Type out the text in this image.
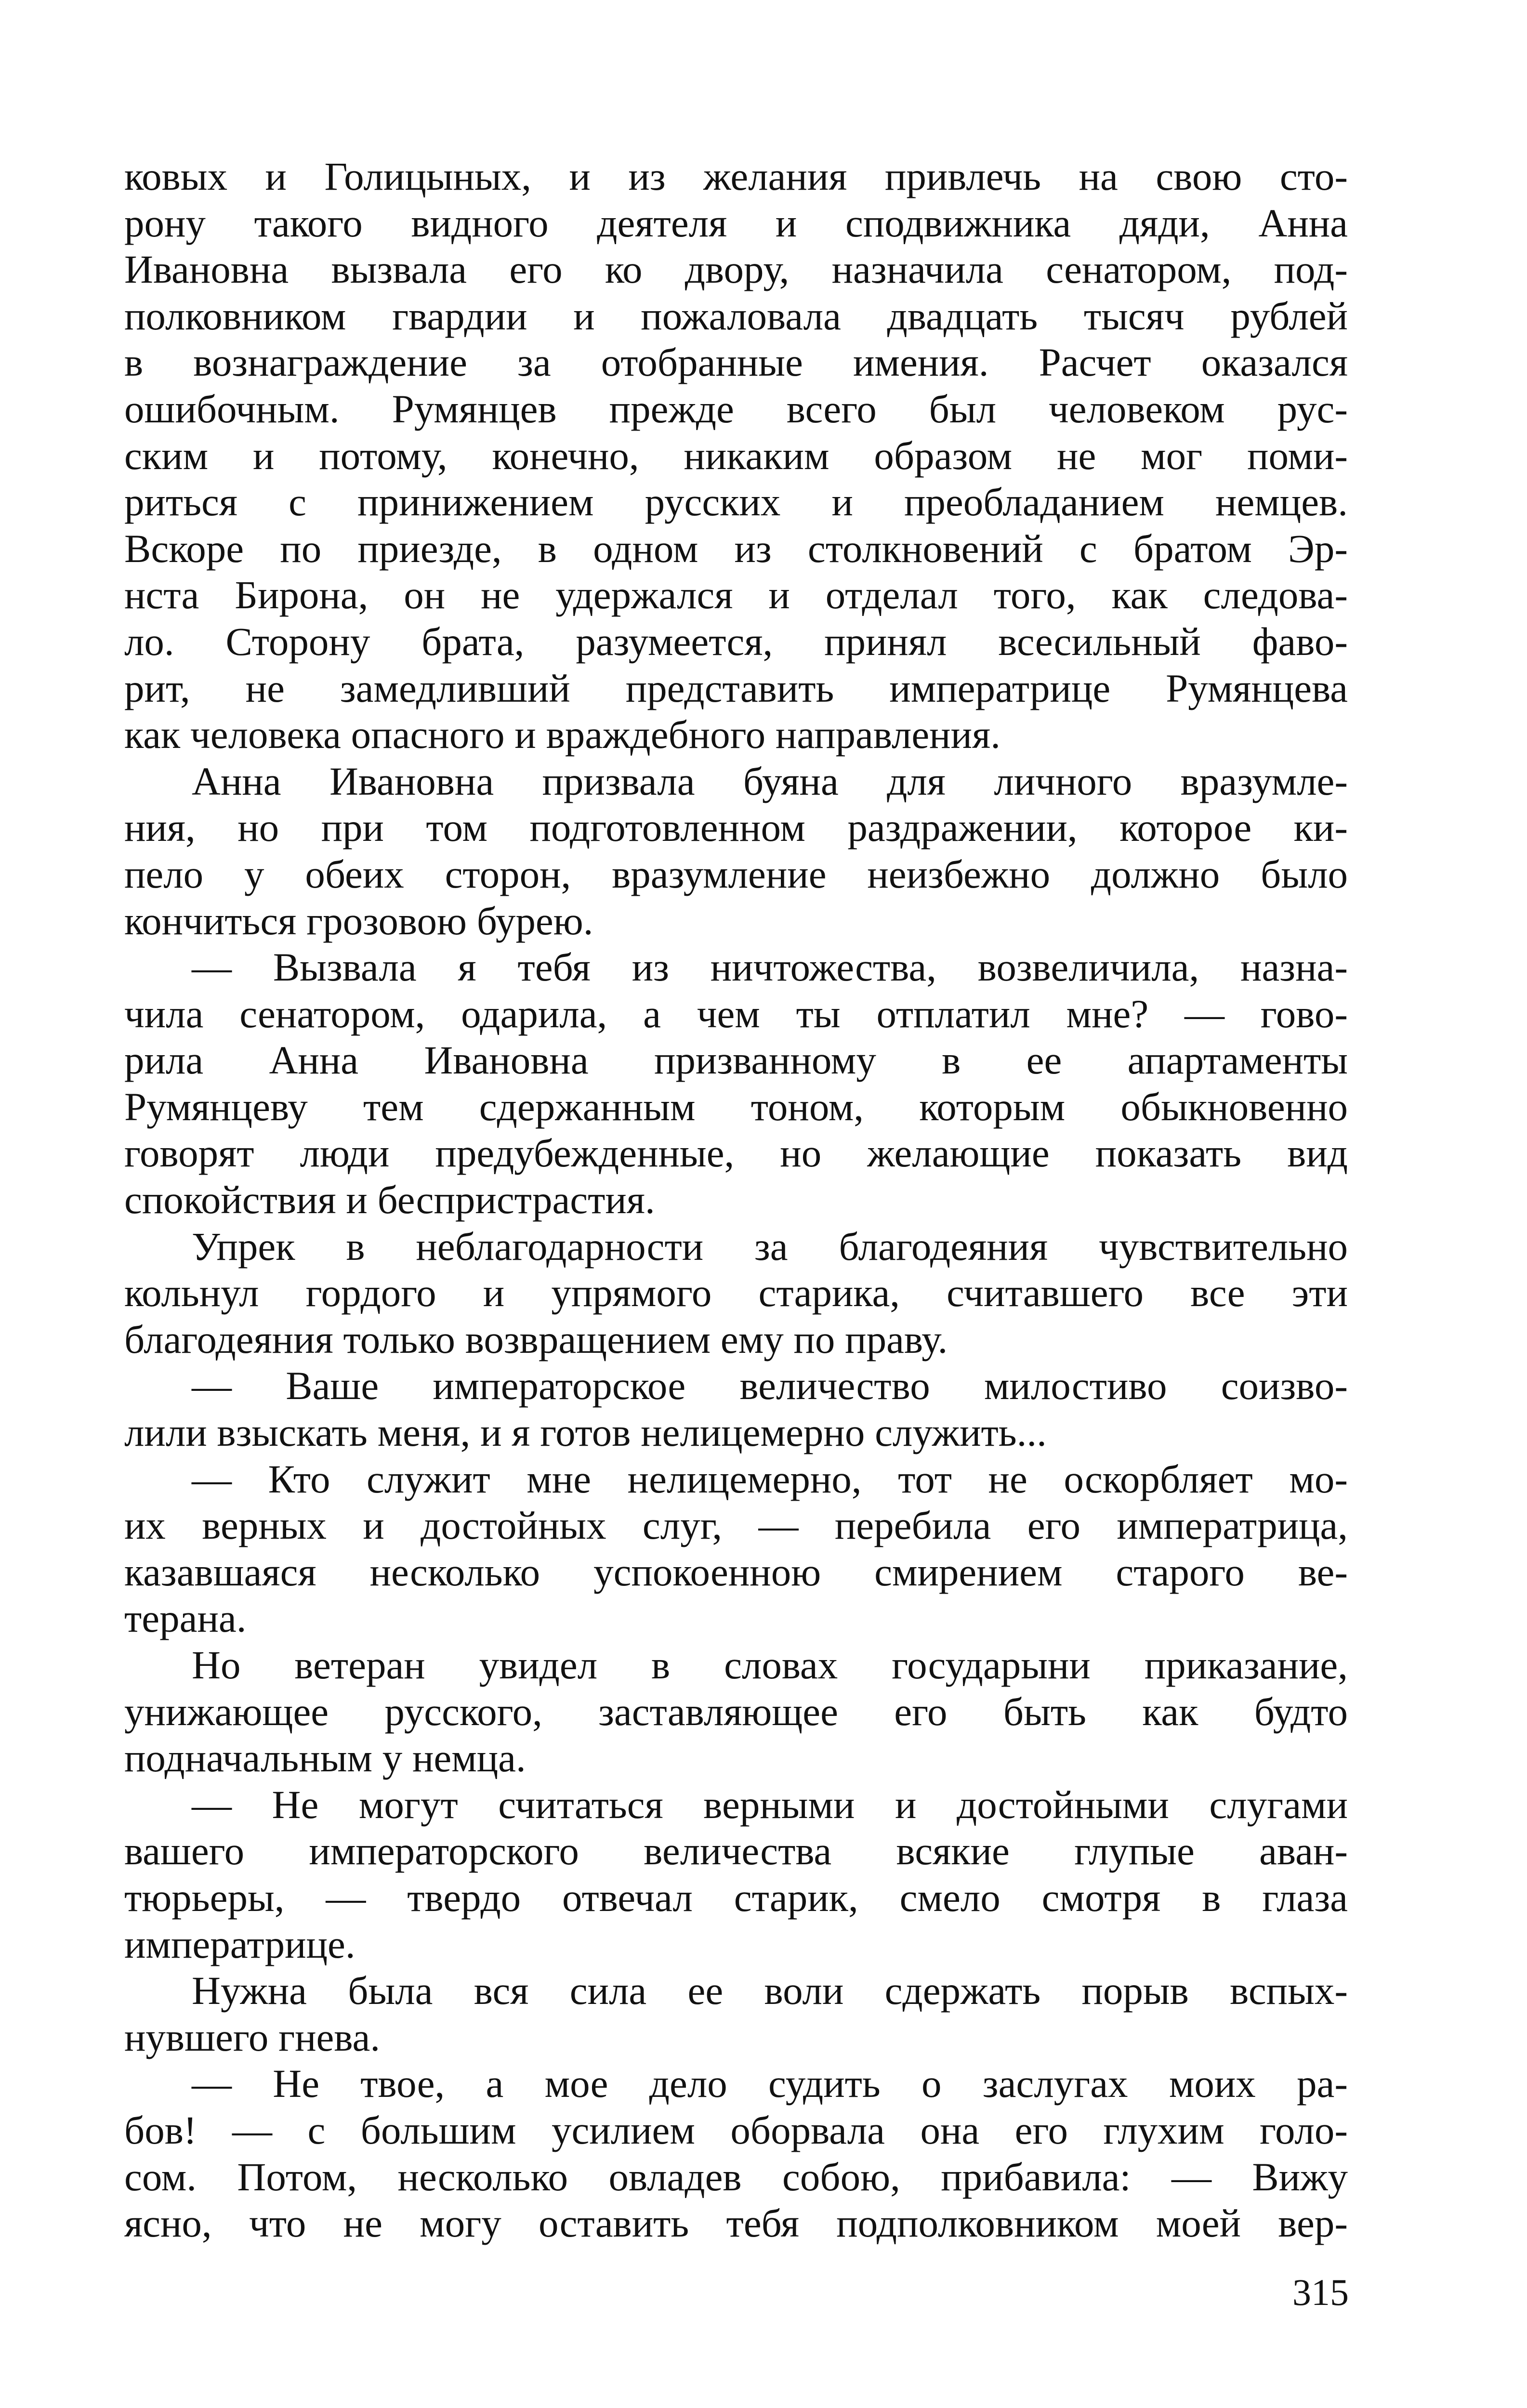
ковых и Голицыных, и из желания привлечь на свою сто-
рону такого видного деятеля и сподвижника дяди, Анна
Ивановна вызвала его ко двору, назначила сенатором, под-
полковником гвардии и пожаловала двадцать тысяч рублей
в вознаграждение за отобранные имения. Расчет оказался
ошибочным. Румянцев прежде всего был человеком рус-
ским и потому, конечно, никаким образом не мог поми-
риться с принижением русских и преобладанием немцев.
Вскоре по приезде, в одном из столкновений с братом Эр-
нста Бирона, он не удержался и отделал того, как следова-
ло. Сторону брата, разумеется, принял всесильный фаво-
рит, не замедливший представить императрице Румянцева
как человека опасного и враждебного направления.
Анна Ивановна призвала буяна для личного вразумле-
ния, но при том подготовленном раздражении, которое ки-
пело у обеих сторон, вразумление неизбежно должно было
кончиться грозовою бурею.
— Вызвала я тебя из ничтожества, возвеличила, назна-
чила сенатором, одарила, а чем ты отплатил мне? — гово-
рила Анна Ивановна призванному в ее апартаменты
Румянцеву тем сдержанным тоном, которым обыкновенно
говорят люди предубежденные, но желающие показать вид
спокойствия и беспристрастия.
Упрек в неблагодарности за благодеяния чувствительно
кольнул гордого и упрямого старика, считавшего все эти
благодеяния только возвращением ему по праву.
— Ваше императорское величество милостиво соизво-
лили взыскать меня, и я готов нелицемерно служить...
— Кто служит мне нелицемерно, тот не оскорбляет мо-
их верных и достойных слуг, — перебила его императрица,
казавшаяся несколько успокоенною смирением старого ве-
терана.
Но ветеран увидел в словах государыни приказание,
унижающее русского, заставляющее его быть как будто
подначальным у немца.
— Не могут считаться верными и достойными слугами
вашего императорского величества всякие глупые аван-
тюрьеры, — твердо отвечал старик, смело смотря в глаза
императрице.
Нужна была вся сила ее воли сдержать порыв вспых-
нувшего гнева.
— Не твое, а мое дело судить о заслугах моих ра-
бов! — с большим усилием оборвала она его глухим голо-
сом. Потом, несколько овладев собою, прибавила: — Вижу
ясно, что не могу оставить тебя подполковником моей вер-
315
